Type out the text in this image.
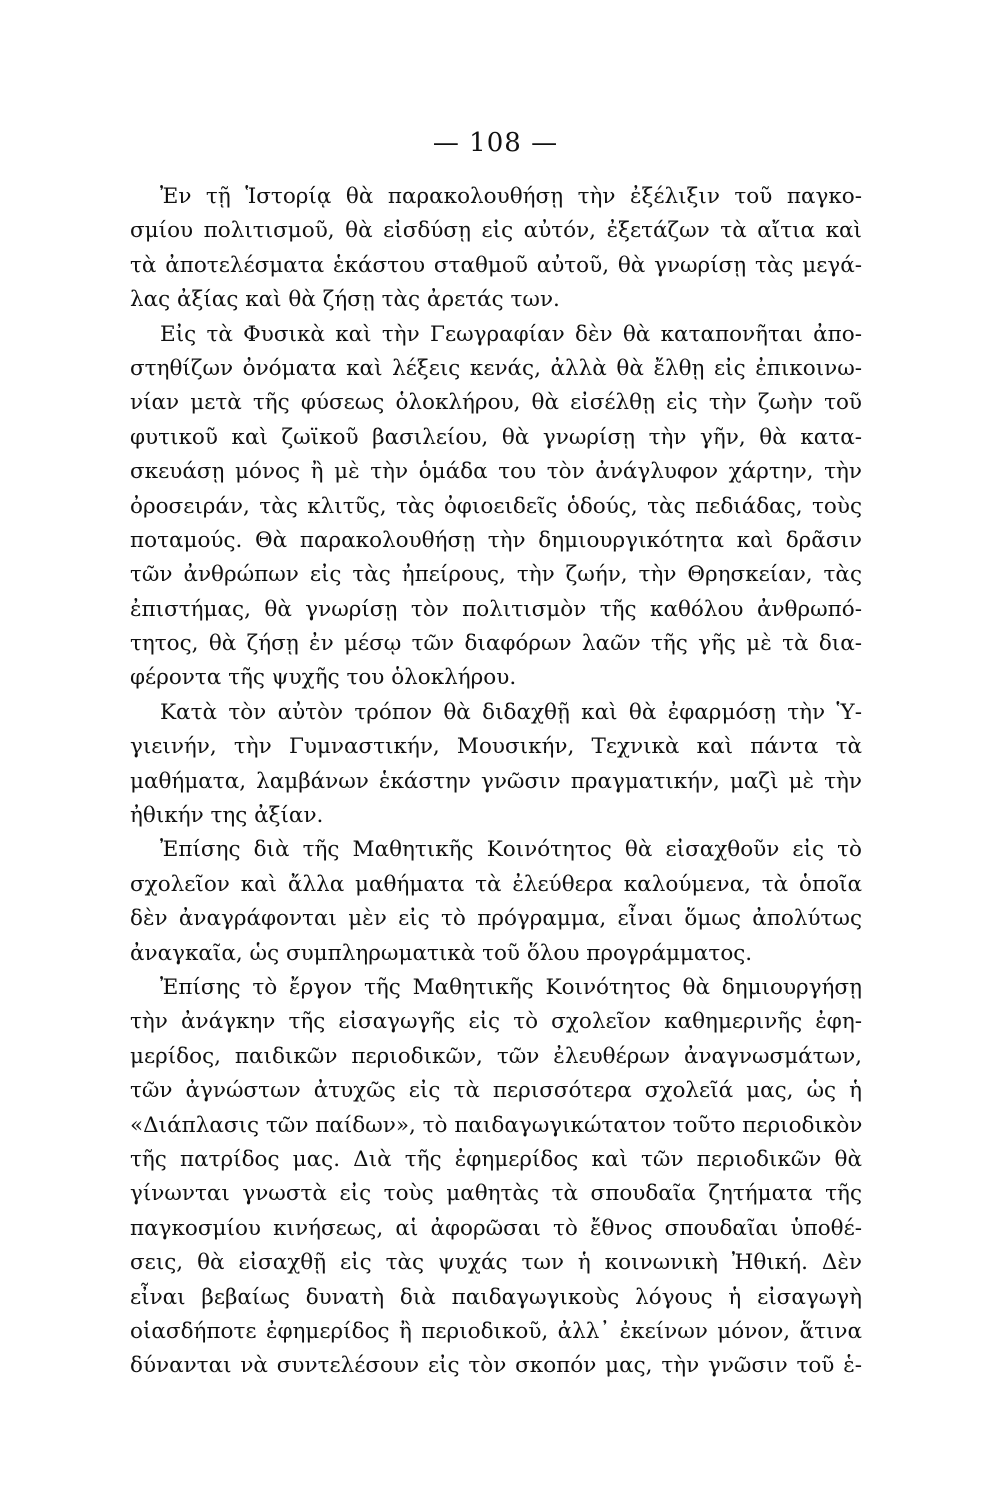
— 108 —
Ἐν τῇ Ἱστορίᾳ θὰ παρακολουθήσῃ τὴν ἐξέλιξιν τοῦ παγκο-
σμίου πολιτισμοῦ, θὰ εἰσδύσῃ εἰς αὐτόν, ἐξετάζων τὰ αἴτια καὶ
τὰ ἀποτελέσματα ἑκάστου σταθμοῦ αὐτοῦ, θὰ γνωρίσῃ τὰς μεγά-
λας ἀξίας καὶ θὰ ζήσῃ τὰς ἀρετάς των.
Εἰς τὰ Φυσικὰ καὶ τὴν Γεωγραφίαν δὲν θὰ καταπονῆται ἀπο-
στηθίζων ὀνόματα καὶ λέξεις κενάς, ἀλλὰ θὰ ἔλθῃ εἰς ἐπικοινω-
νίαν μετὰ τῆς φύσεως ὁλοκλήρου, θὰ εἰσέλθῃ εἰς τὴν ζωὴν τοῦ
φυτικοῦ καὶ ζωϊκοῦ βασιλείου, θὰ γνωρίσῃ τὴν γῆν, θὰ κατα-
σκευάσῃ μόνος ἢ μὲ τὴν ὁμάδα του τὸν ἀνάγλυφον χάρτην, τὴν
ὀροσειράν, τὰς κλιτῦς, τὰς ὀφιοειδεῖς ὁδούς, τὰς πεδιάδας, τοὺς
ποταμούς. Θὰ παρακολουθήσῃ τὴν δημιουργικότητα καὶ δρᾶσιν
τῶν ἀνθρώπων εἰς τὰς ἠπείρους, τὴν ζωήν, τὴν Θρησκείαν, τὰς
ἐπιστήμας, θὰ γνωρίσῃ τὸν πολιτισμὸν τῆς καθόλου ἀνθρωπό-
τητος, θὰ ζήσῃ ἐν μέσῳ τῶν διαφόρων λαῶν τῆς γῆς μὲ τὰ δια-
φέροντα τῆς ψυχῆς του ὁλοκλήρου.
Κατὰ τὸν αὐτὸν τρόπον θὰ διδαχθῇ καὶ θὰ ἐφαρμόσῃ τὴν Ὑ-
γιεινήν, τὴν Γυμναστικήν, Μουσικήν, Τεχνικὰ καὶ πάντα τὰ
μαθήματα, λαμβάνων ἑκάστην γνῶσιν πραγματικήν, μαζὶ μὲ τὴν
ἠθικήν της ἀξίαν.
Ἐπίσης διὰ τῆς Μαθητικῆς Κοινότητος θὰ εἰσαχθοῦν εἰς τὸ
σχολεῖον καὶ ἄλλα μαθήματα τὰ ἐλεύθερα καλούμενα, τὰ ὁποῖα
δὲν ἀναγράφονται μὲν εἰς τὸ πρόγραμμα, εἶναι ὅμως ἀπολύτως
ἀναγκαῖα, ὡς συμπληρωματικὰ τοῦ ὅλου προγράμματος.
Ἐπίσης τὸ ἔργον τῆς Μαθητικῆς Κοινότητος θὰ δημιουργήσῃ
τὴν ἀνάγκην τῆς εἰσαγωγῆς εἰς τὸ σχολεῖον καθημερινῆς ἐφη-
μερίδος, παιδικῶν περιοδικῶν, τῶν ἐλευθέρων ἀναγνωσμάτων,
τῶν ἀγνώστων ἀτυχῶς εἰς τὰ περισσότερα σχολεῖά μας, ὡς ἡ
«Διάπλασις τῶν παίδων», τὸ παιδαγωγικώτατον τοῦτο περιοδικὸν
τῆς πατρίδος μας. Διὰ τῆς ἐφημερίδος καὶ τῶν περιοδικῶν θὰ
γίνωνται γνωστὰ εἰς τοὺς μαθητὰς τὰ σπουδαῖα ζητήματα τῆς
παγκοσμίου κινήσεως, αἱ ἀφορῶσαι τὸ ἔθνος σπουδαῖαι ὑποθέ-
σεις, θὰ εἰσαχθῇ εἰς τὰς ψυχάς των ἡ κοινωνικὴ Ἠθική. Δὲν
εἶναι βεβαίως δυνατὴ διὰ παιδαγωγικοὺς λόγους ἡ εἰσαγωγὴ
οἱασδήποτε ἐφημερίδος ἢ περιοδικοῦ, ἀλλ᾽ ἐκείνων μόνον, ἅτινα
δύνανται νὰ συντελέσουν εἰς τὸν σκοπόν μας, τὴν γνῶσιν τοῦ ἑ-
